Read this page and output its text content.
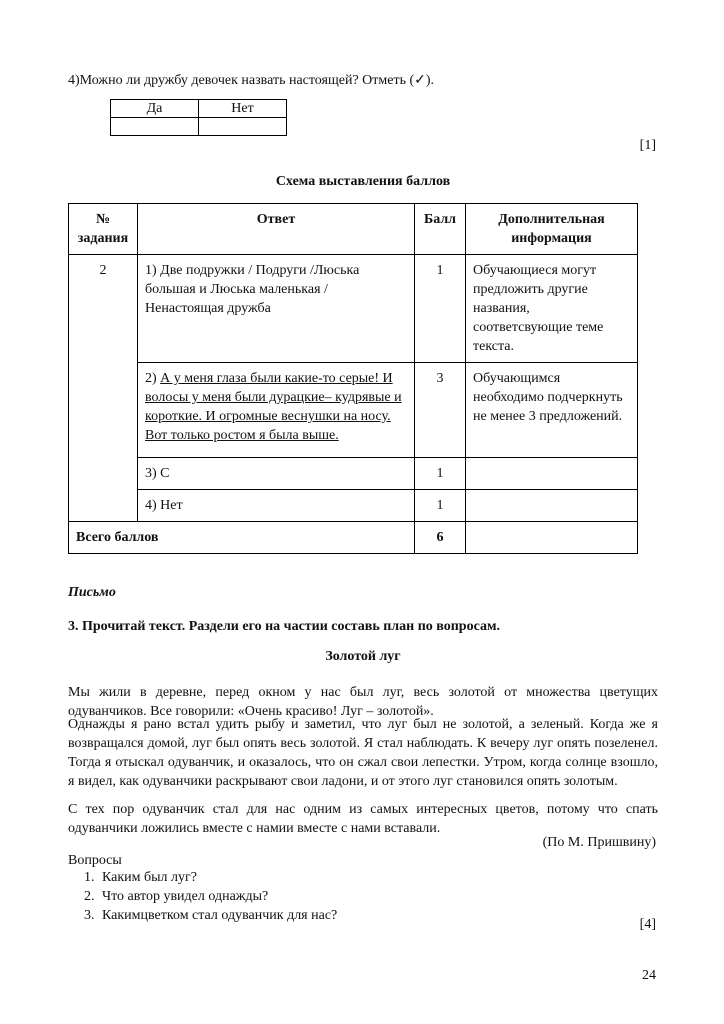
4)Можно ли дружбу девочек назвать настоящей? Отметь (✓).
Да	Нет

[1]
Схема выставления баллов
№ задания	Ответ	Балл	Дополнительная информация
2	1) Две подружки / Подруги /Люська большая и Люська маленькая / Ненастоящая дружба	1	Обучающиеся могут предложить другие названия, соответсвующие теме текста.
	2) А у меня глаза были какие-то серые! И волосы у меня были дурацкие– кудрявые и короткие. И огромные веснушки на носу. Вот только ростом я была выше.	3	Обучающимся необходимо подчеркнуть не менее 3 предложений.
	3) С	1	
	4) Нет	1	
Всего баллов		6	
Письмо
3. Прочитай текст. Раздели его на частии составь план по вопросам.
Золотой луг
Мы жили в деревне, перед окном у нас был луг, весь золотой от множества цветущих одуванчиков. Все говорили: «Очень красиво! Луг – золотой».
Однажды я рано встал удить рыбу и заметил, что луг был не золотой, а зеленый. Когда же я возвращался домой, луг был опять весь золотой. Я стал наблюдать. К вечеру луг опять позеленел. Тогда я отыскал одуванчик, и оказалось, что он сжал свои лепестки. Утром, когда солнце взошло, я видел, как одуванчики раскрывают свои ладони, и от этого луг становился опять золотым.
С тех пор одуванчик стал для нас одним из самых интересных цветов, потому что спать одуванчики ложились вместе с намии вместе с нами вставали.
(По М. Пришвину)
Вопросы
1. Каким был луг?
2. Что автор увидел однажды?
3. Какимцветком стал одуванчик для нас?
[4]
24
